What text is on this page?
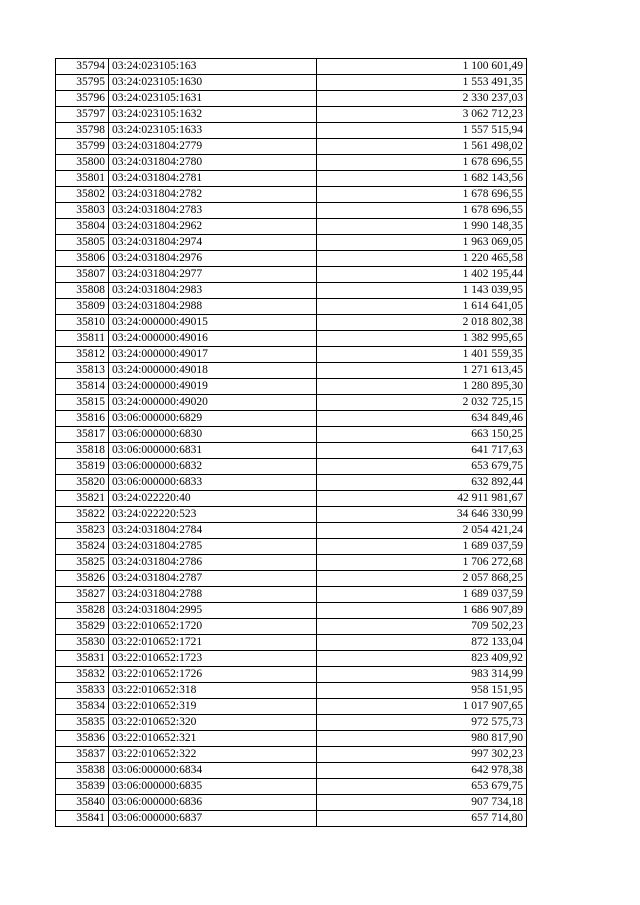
35794	03:24:023105:163	1 100 601,49
35795	03:24:023105:1630	1 553 491,35
35796	03:24:023105:1631	2 330 237,03
35797	03:24:023105:1632	3 062 712,23
35798	03:24:023105:1633	1 557 515,94
35799	03:24:031804:2779	1 561 498,02
35800	03:24:031804:2780	1 678 696,55
35801	03:24:031804:2781	1 682 143,56
35802	03:24:031804:2782	1 678 696,55
35803	03:24:031804:2783	1 678 696,55
35804	03:24:031804:2962	1 990 148,35
35805	03:24:031804:2974	1 963 069,05
35806	03:24:031804:2976	1 220 465,58
35807	03:24:031804:2977	1 402 195,44
35808	03:24:031804:2983	1 143 039,95
35809	03:24:031804:2988	1 614 641,05
35810	03:24:000000:49015	2 018 802,38
35811	03:24:000000:49016	1 382 995,65
35812	03:24:000000:49017	1 401 559,35
35813	03:24:000000:49018	1 271 613,45
35814	03:24:000000:49019	1 280 895,30
35815	03:24:000000:49020	2 032 725,15
35816	03:06:000000:6829	634 849,46
35817	03:06:000000:6830	663 150,25
35818	03:06:000000:6831	641 717,63
35819	03:06:000000:6832	653 679,75
35820	03:06:000000:6833	632 892,44
35821	03:24:022220:40	42 911 981,67
35822	03:24:022220:523	34 646 330,99
35823	03:24:031804:2784	2 054 421,24
35824	03:24:031804:2785	1 689 037,59
35825	03:24:031804:2786	1 706 272,68
35826	03:24:031804:2787	2 057 868,25
35827	03:24:031804:2788	1 689 037,59
35828	03:24:031804:2995	1 686 907,89
35829	03:22:010652:1720	709 502,23
35830	03:22:010652:1721	872 133,04
35831	03:22:010652:1723	823 409,92
35832	03:22:010652:1726	983 314,99
35833	03:22:010652:318	958 151,95
35834	03:22:010652:319	1 017 907,65
35835	03:22:010652:320	972 575,73
35836	03:22:010652:321	980 817,90
35837	03:22:010652:322	997 302,23
35838	03:06:000000:6834	642 978,38
35839	03:06:000000:6835	653 679,75
35840	03:06:000000:6836	907 734,18
35841	03:06:000000:6837	657 714,80
